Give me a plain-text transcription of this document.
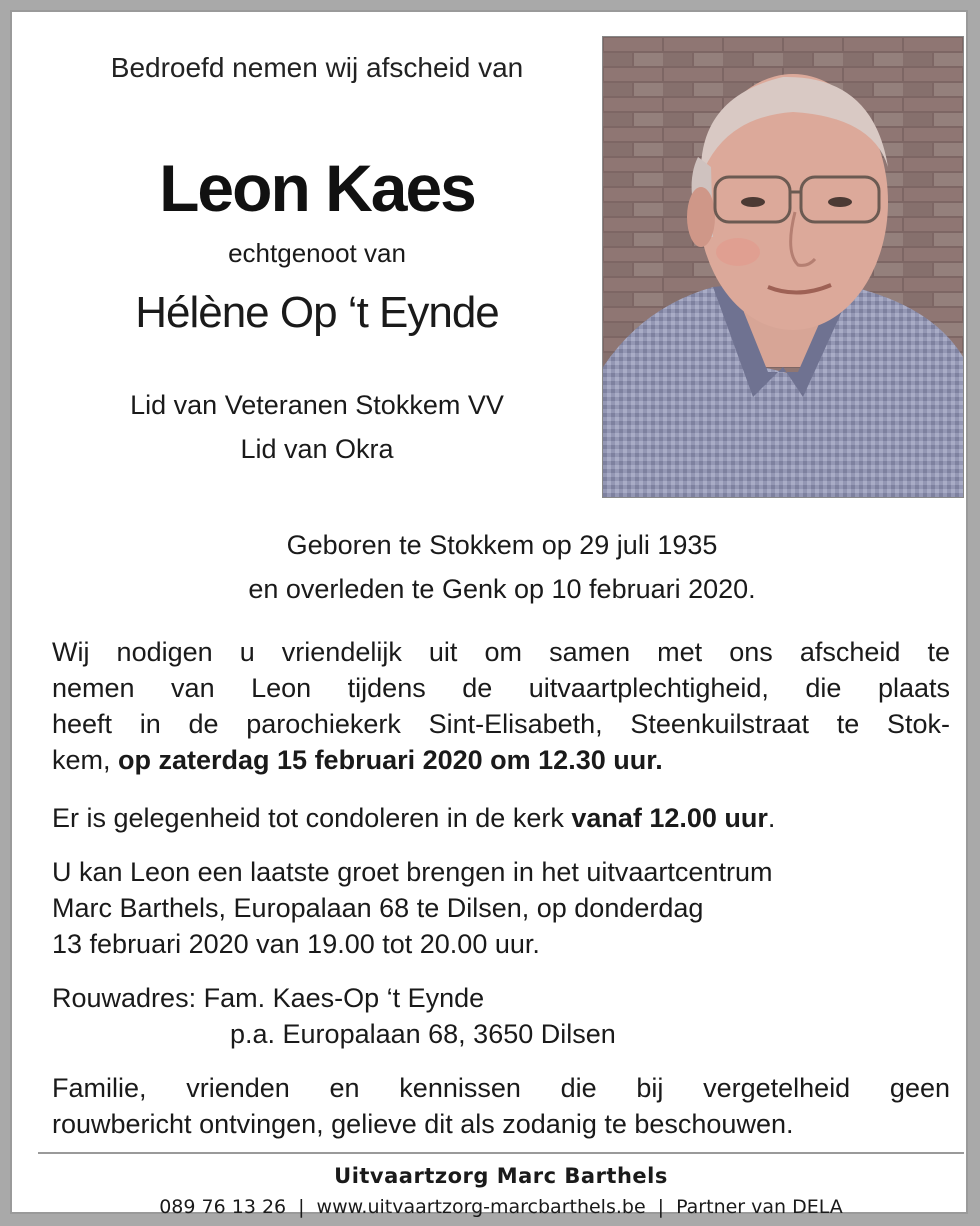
Bedroefd nemen wij afscheid van
Leon Kaes
echtgenoot van
Hélène Op ‘t Eynde
Lid van Veteranen Stokkem VV
Lid van Okra
Geboren te Stokkem op 29 juli 1935
en overleden te Genk op 10 februari 2020.
Wij nodigen u vriendelijk uit om samen met ons afscheid te
nemen van Leon tijdens de uitvaartplechtigheid, die plaats
heeft in de parochiekerk Sint-Elisabeth, Steenkuilstraat te Stok-
kem, op zaterdag 15 februari 2020 om 12.30 uur.
Er is gelegenheid tot condoleren in de kerk vanaf 12.00 uur.
U kan Leon een laatste groet brengen in het uitvaartcentrum
Marc Barthels, Europalaan 68 te Dilsen, op donderdag
13 februari 2020 van 19.00 tot 20.00 uur.
Rouwadres: Fam. Kaes-Op ‘t Eynde
p.a. Europalaan 68, 3650 Dilsen
Familie, vrienden en kennissen die bij vergetelheid geen
rouwbericht ontvingen, gelieve dit als zodanig te beschouwen.
Uitvaartzorg Marc Barthels
089 76 13 26 | www.uitvaartzorg-marcbarthels.be | Partner van DELA
